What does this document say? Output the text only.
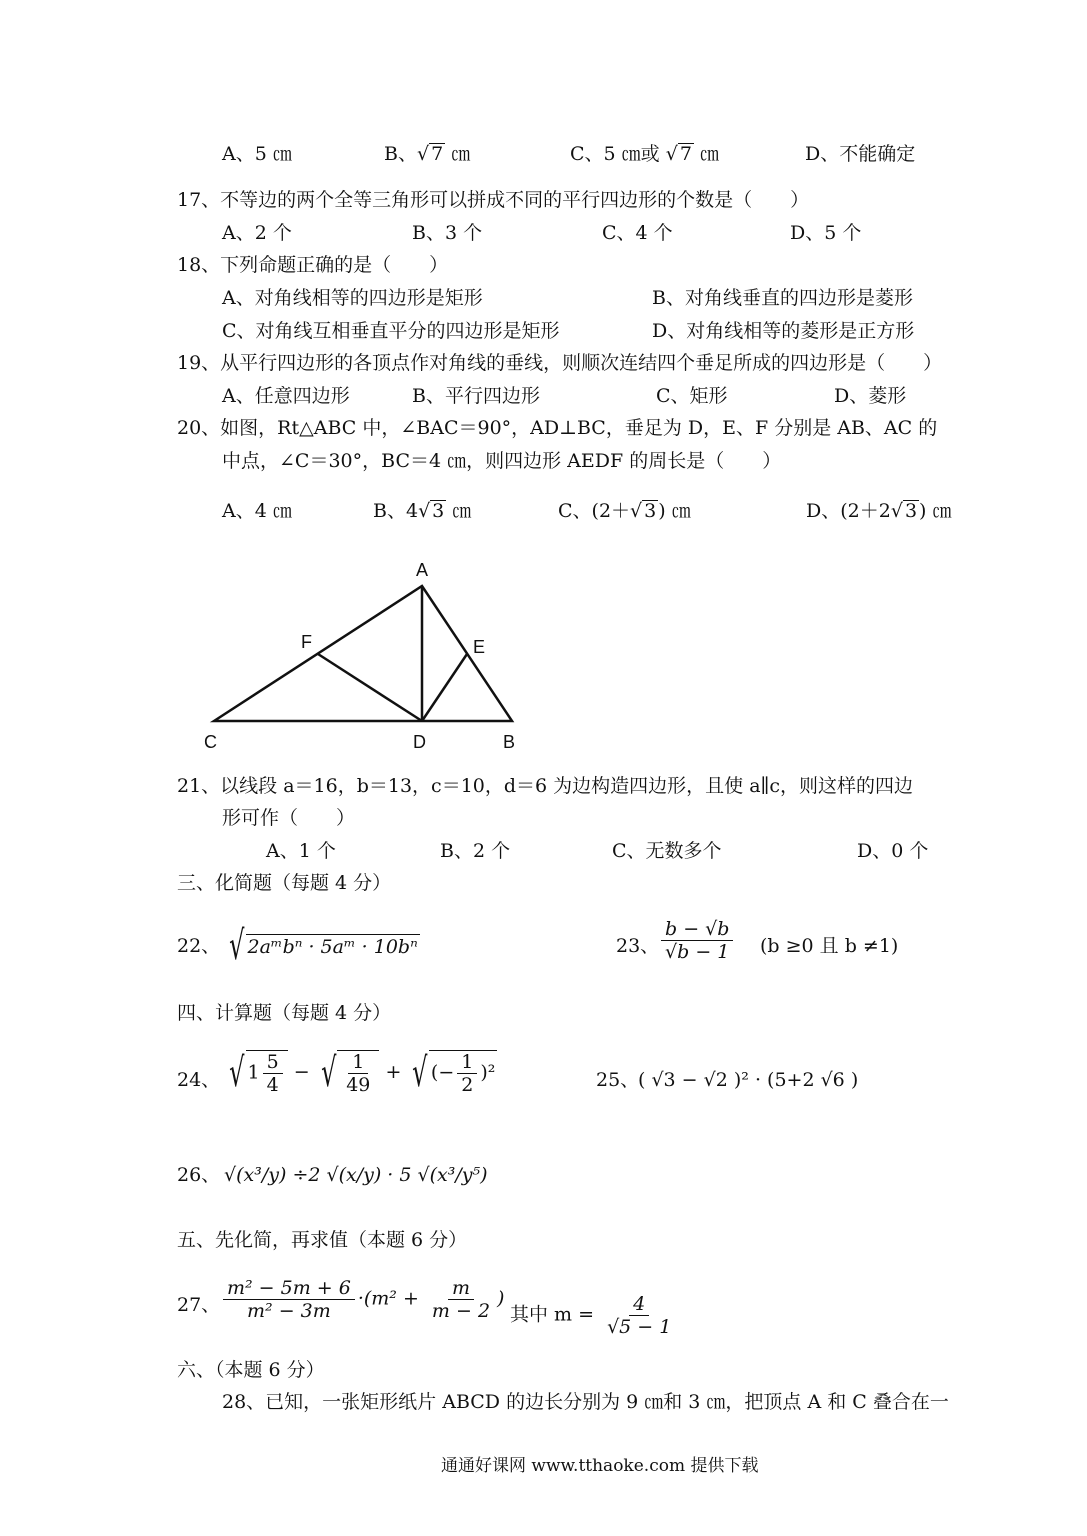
A、5 ㎝	B、√ 7 ㎝	C、5 ㎝或 √ 7 ㎝	D、不能确定
17、不等边的两个全等三角形可以拼成不同的平行四边形的个数是（　　）
A、2 个	B、3 个	C、4 个	D、5 个
18、下列命题正确的是（　　）
A、对角线相等的四边形是矩形	B、对角线垂直的四边形是菱形
C、对角线互相垂直平分的四边形是矩形	D、对角线相等的菱形是正方形
19、从平行四边形的各顶点作对角线的垂线，则顺次连结四个垂足所成的四边形是（　　）
A、任意四边形	B、平行四边形	C、矩形	D、菱形
20、如图，Rt△ABC 中，∠BAC＝90°，AD⊥BC，垂足为 D，E、F 分别是 AB、AC 的
中点，∠C＝30°，BC＝4 ㎝，则四边形 AEDF 的周长是（　　）
A、4 ㎝	B、4√ 3 ㎝	C、(2＋√ 3 ) ㎝	D、(2＋2√ 3 ) ㎝
A
B
C	D
E
F
21、以线段 a＝16，b＝13，c＝10，d＝6 为边构造四边形，且使 a∥c，则这样的四边
形可作（　　）
A、1 个	B、2 个	C、无数多个	D、0 个
三、化简题（每题 4 分）
22、 √ 2aᵐbⁿ · 5aᵐ · 10bⁿ	23、 $\frac{b - √b}{√b - 1} (b \ge 0$ 且 b ≠1)
四、计算题（每题 4 分）
24、 √ $1 \frac{5}{4}$ − √ $\frac{1}{49}$ + √ (− $\frac{1}{2} )^2$	25、
( √3 − √2 )² · (5+2 √6 )
26、 √(x³/y) ÷2 √(x/y) · 5 √(x³/y⁵)
五、先化简，再求值（本题 6 分）
27、 $\frac{\text{m² − 5m + 6}}{\text{m² − 3m}} \cdot(m^2 + \frac{m}{m - 2}$ )
其中 $m = \frac{4}{√5 - 1}$
六、（本题 6 分）
28、已知，一张矩形纸片 ABCD 的边长分别为 9 ㎝和 3 ㎝，把顶点 A 和 C 叠合在一
通通好课网 www.tthaoke.com 提供下载
